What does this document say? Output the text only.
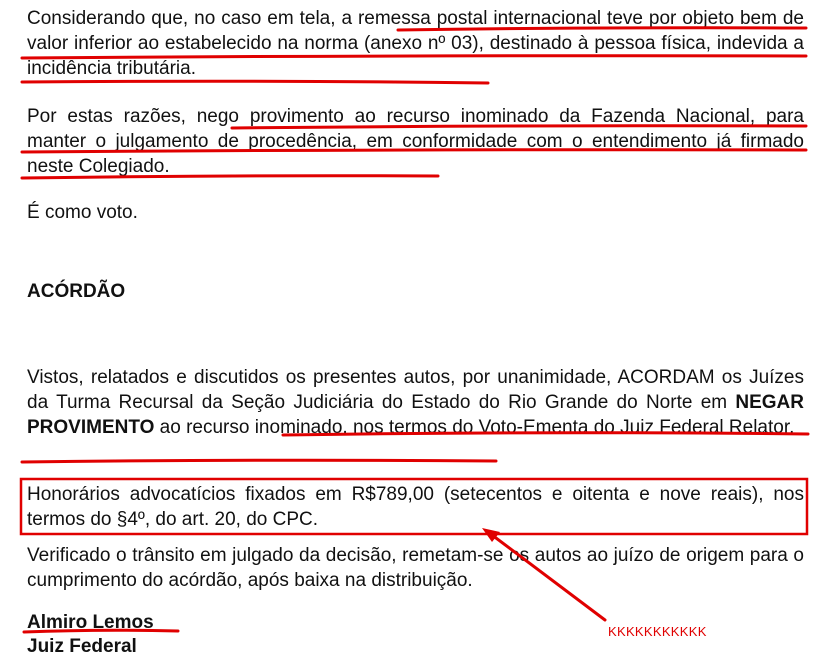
Considerando que, no caso em tela, a remessa postal internacional teve por objeto bem de valor inferior ao estabelecido na norma (anexo nº 03), destinado à pessoa física, indevida a incidência tributária.

Por estas razões, nego provimento ao recurso inominado da Fazenda Nacional, para manter o julgamento de procedência, em conformidade com o entendimento já firmado neste Colegiado.

É como voto.

ACÓRDÃO

Vistos, relatados e discutidos os presentes autos, por unanimidade, ACORDAM os Juízes da Turma Recursal da Seção Judiciária do Estado do Rio Grande do Norte em NEGAR PROVIMENTO ao recurso inominado, nos termos do Voto-Ementa do Juiz Federal Relator.

Honorários advocatícios fixados em R$789,00 (setecentos e oitenta e nove reais), nos termos do §4º, do art. 20, do CPC.

Verificado o trânsito em julgado da decisão, remetam-se os autos ao juízo de origem para o cumprimento do acórdão, após baixa na distribuição.

Almiro Lemos
Juiz Federal
KKKKKKKKKKK
